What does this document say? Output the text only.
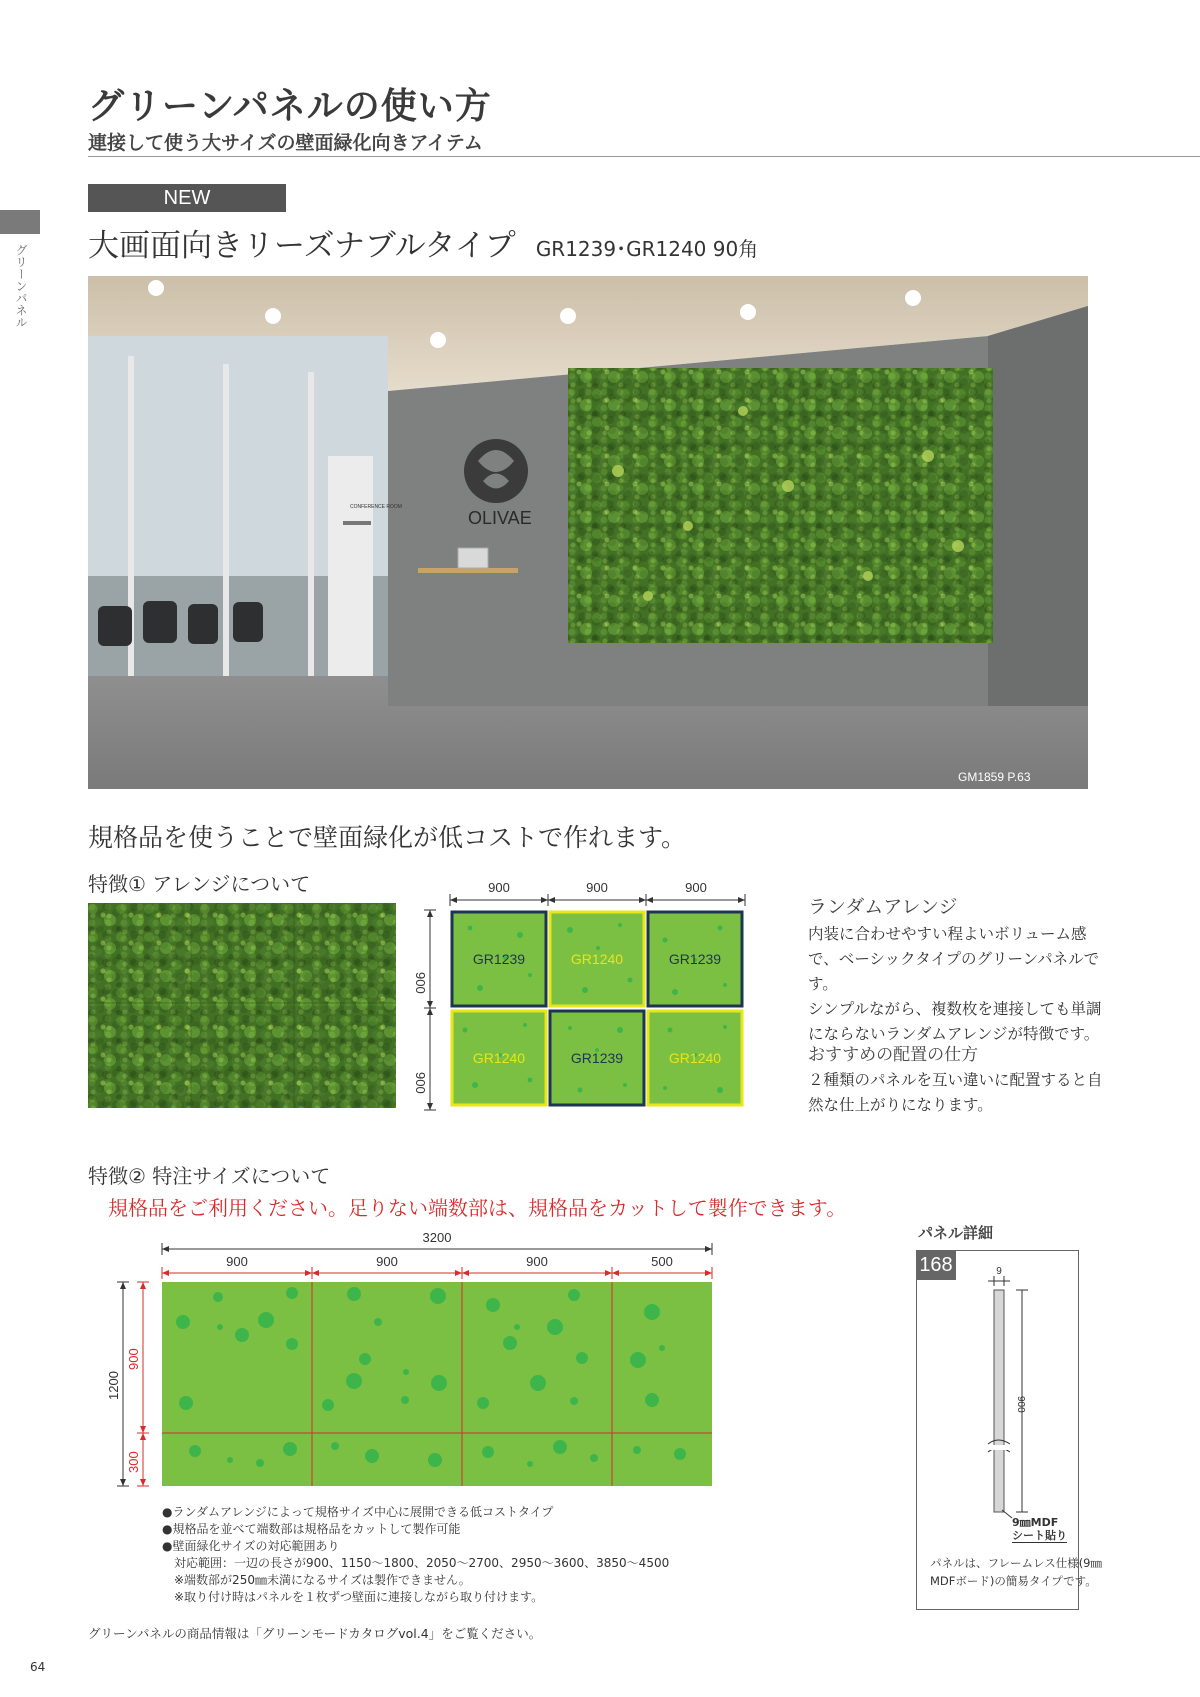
グリーンパネルの使い方
連接して使う大サイズの壁面緑化向きアイテム
グリーンパネル
NEW
大画面向きリーズナブルタイプ GR1239･GR1240 90角
CONFERENCE ROOM
OLIVAE
GM1859 P.63
規格品を使うことで壁面緑化が低コストで作れます。
特徴① アレンジについて	900	900	900
900
900
GR1239	GR1240	GR1239
GR1240	GR1239	GR1240
ランダムアレンジ
内装に合わせやすい程よいボリューム感
で、ベーシックタイプのグリーンパネルです。
シンプルながら、複数枚を連接しても単調
にならないランダムアレンジが特徴です。
おすすめの配置の仕方
２種類のパネルを互い違いに配置すると自
然な仕上がりになります。
特徴② 特注サイズについて
規格品をご利用ください。足りない端数部は、規格品をカットして製作できます。
3200
1200
900	900	900	500
900
300
●ランダムアレンジによって規格サイズ中心に展開できる低コストタイプ
●規格品を並べて端数部は規格品をカットして製作可能
●壁面緑化サイズの対応範囲あり
　対応範囲：一辺の長さが900、1150～1800、2050～2700、2950～3600、3850～4500
　※端数部が250㎜未満になるサイズは製作できません。
　※取り付け時はパネルを１枚ずつ壁面に連接しながら取り付けます。
パネル詳細
168	9
900
9㎜MDF
シート貼り
パネルは、フレームレス仕様(9㎜
MDFボード)の簡易タイプです。
グリーンパネルの商品情報は「グリーンモードカタログvol.4」をご覧ください。
64
